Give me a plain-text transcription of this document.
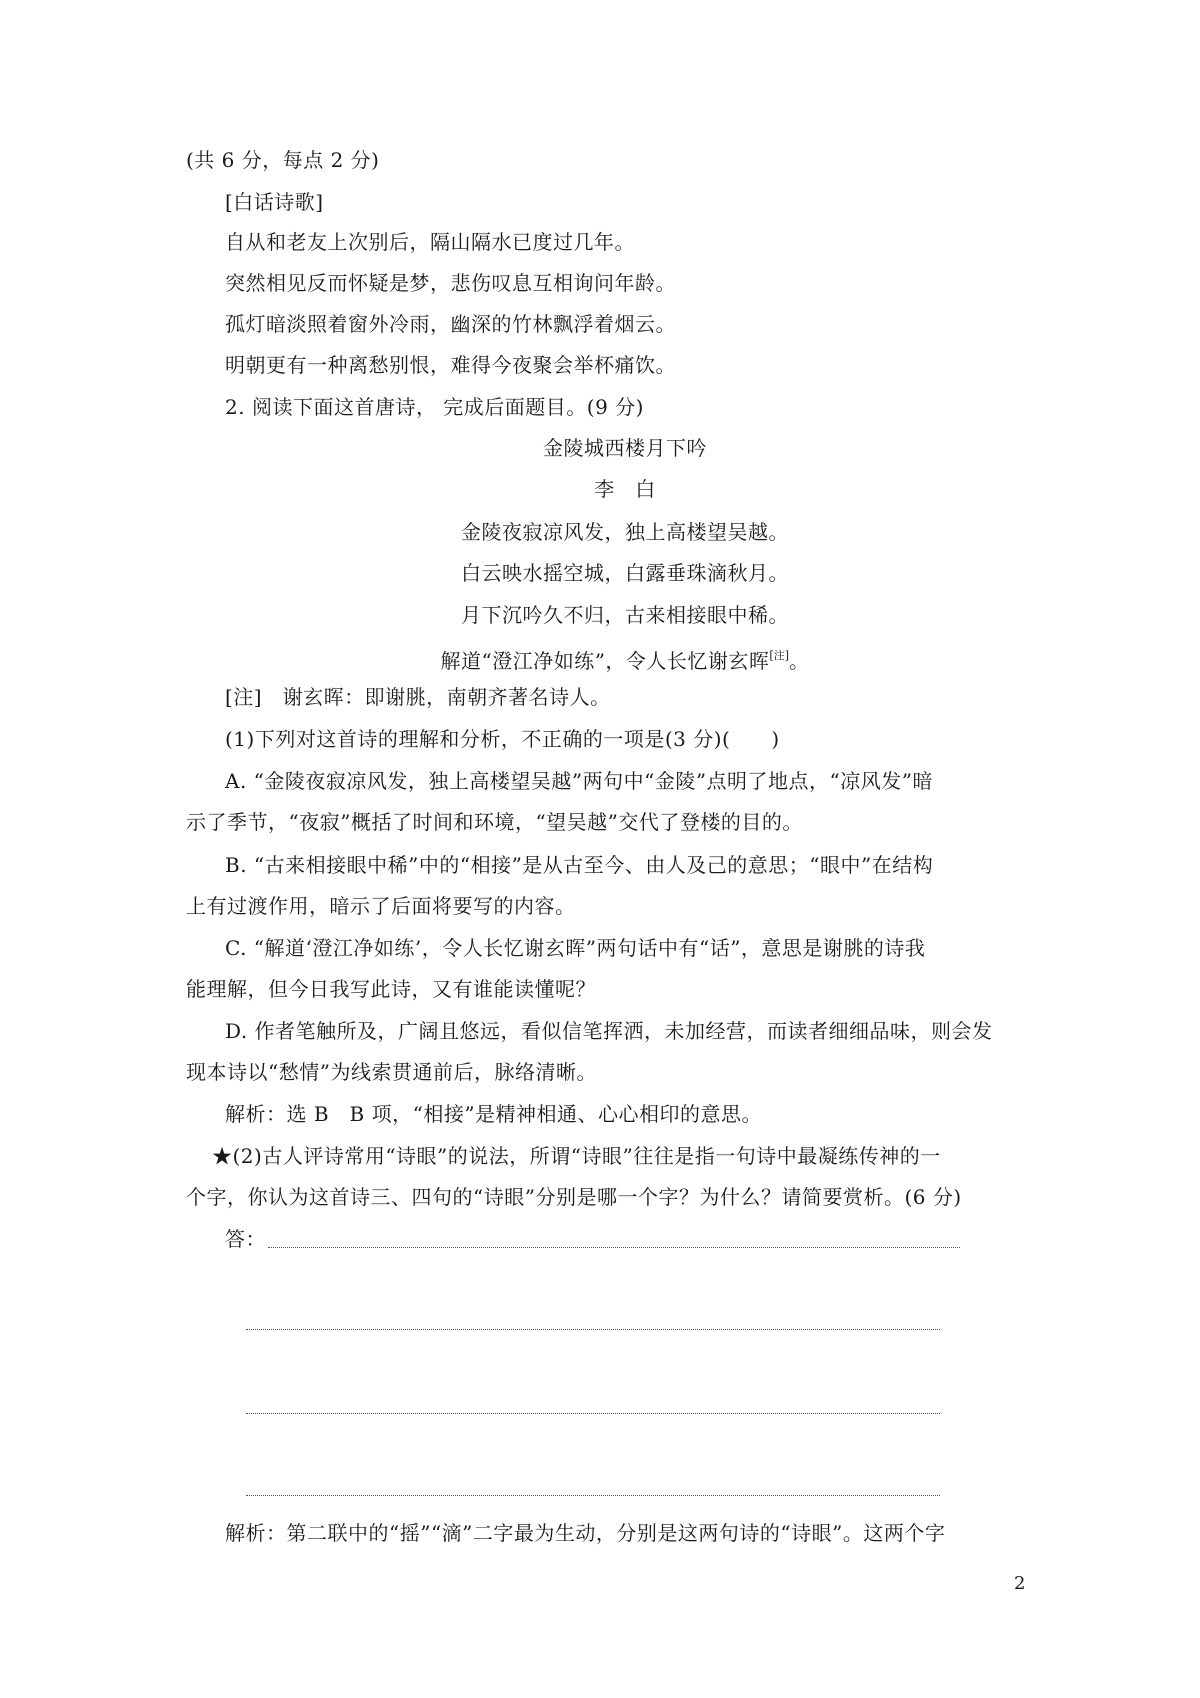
(共 6 分，每点 2 分)
[白话诗歌]
自从和老友上次别后，隔山隔水已度过几年。
突然相见反而怀疑是梦，悲伤叹息互相询问年龄。
孤灯暗淡照着窗外冷雨，幽深的竹林飘浮着烟云。
明朝更有一种离愁别恨，难得今夜聚会举杯痛饮。
2. 阅读下面这首唐诗， 完成后面题目。(9 分)
金陵城西楼月下吟
李　白
金陵夜寂凉风发，独上高楼望吴越。
白云映水摇空城，白露垂珠滴秋月。
月下沉吟久不归，古来相接眼中稀。
解道“澄江净如练”，令人长忆谢玄晖[注]。
[注]　谢玄晖：即谢朓，南朝齐著名诗人。
(1)下列对这首诗的理解和分析，不正确的一项是(3 分)(　　)
A. “金陵夜寂凉风发，独上高楼望吴越”两句中“金陵”点明了地点，“凉风发”暗
示了季节，“夜寂”概括了时间和环境，“望吴越”交代了登楼的目的。
B. “古来相接眼中稀”中的“相接”是从古至今、由人及己的意思；“眼中”在结构
上有过渡作用，暗示了后面将要写的内容。
C. “解道‘澄江净如练’，令人长忆谢玄晖”两句话中有“话”，意思是谢朓的诗我
能理解，但今日我写此诗，又有谁能读懂呢？
D. 作者笔触所及，广阔且悠远，看似信笔挥洒，未加经营，而读者细细品味，则会发
现本诗以“愁情”为线索贯通前后，脉络清晰。
解析：选 B　B 项，“相接”是精神相通、心心相印的意思。
★(2)古人评诗常用“诗眼”的说法，所谓“诗眼”往往是指一句诗中最凝练传神的一
个字，你认为这首诗三、四句的“诗眼”分别是哪一个字？为什么？请简要赏析。(6 分)
答：
解析：第二联中的“摇”“滴”二字最为生动，分别是这两句诗的“诗眼”。这两个字
2
